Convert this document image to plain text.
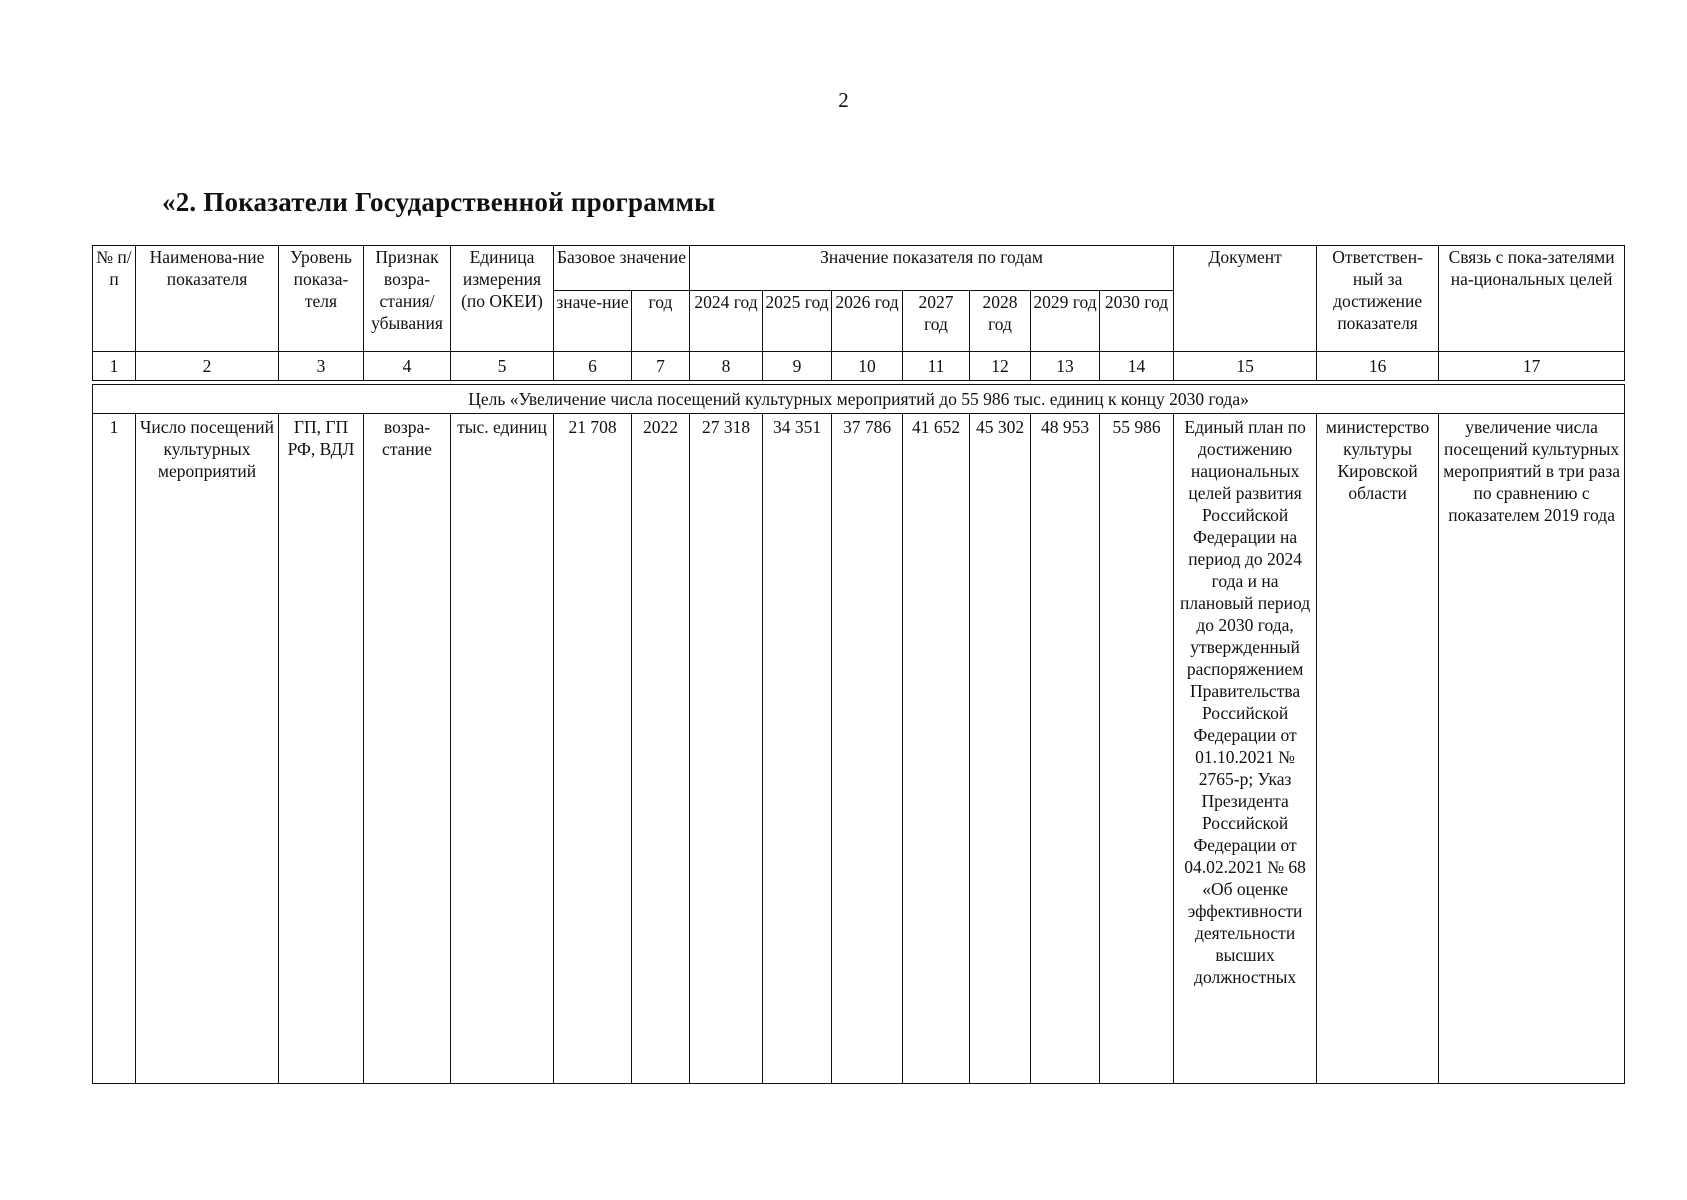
2
«2. Показатели Государственной программы
№ п/п	Наименова-ние показателя	Уровень показа-теля	Признак возра-стания/ убывания	Единица измерения (по ОКЕИ)	Базовое значение		Значение показателя по годам							Документ	Ответствен-ный за достижение показателя	Связь с пока-зателями на-циональных целей
					значе-ние	год	2024 год	2025 год	2026 год	2027 год	2028 год	2029 год	2030 год			
1	2	3	4	5	6	7	8	9	10	11	12	13	14	15	16	17

Цель «Увеличение числа посещений культурных мероприятий до 55 986 тыс. единиц к концу 2030 года»																
1	Число посещений культурных мероприятий	ГП, ГП РФ, ВДЛ	возра-стание	тыс. единиц	21 708	2022	27 318	34 351	37 786	41 652	45 302	48 953	55 986	Единый план по достижению национальных целей развития Российской Федерации на период до 2024 года и на плановый период до 2030 года, утвержденный распоряжением Правительства Российской Федерации от 01.10.2021 № 2765-р; Указ Президента Российской Федерации от 04.02.2021 № 68 «Об оценке эффективности деятельности высших должностных	министерство культуры Кировской области	увеличение числа посещений культурных мероприятий в три раза по сравнению с показателем 2019 года
